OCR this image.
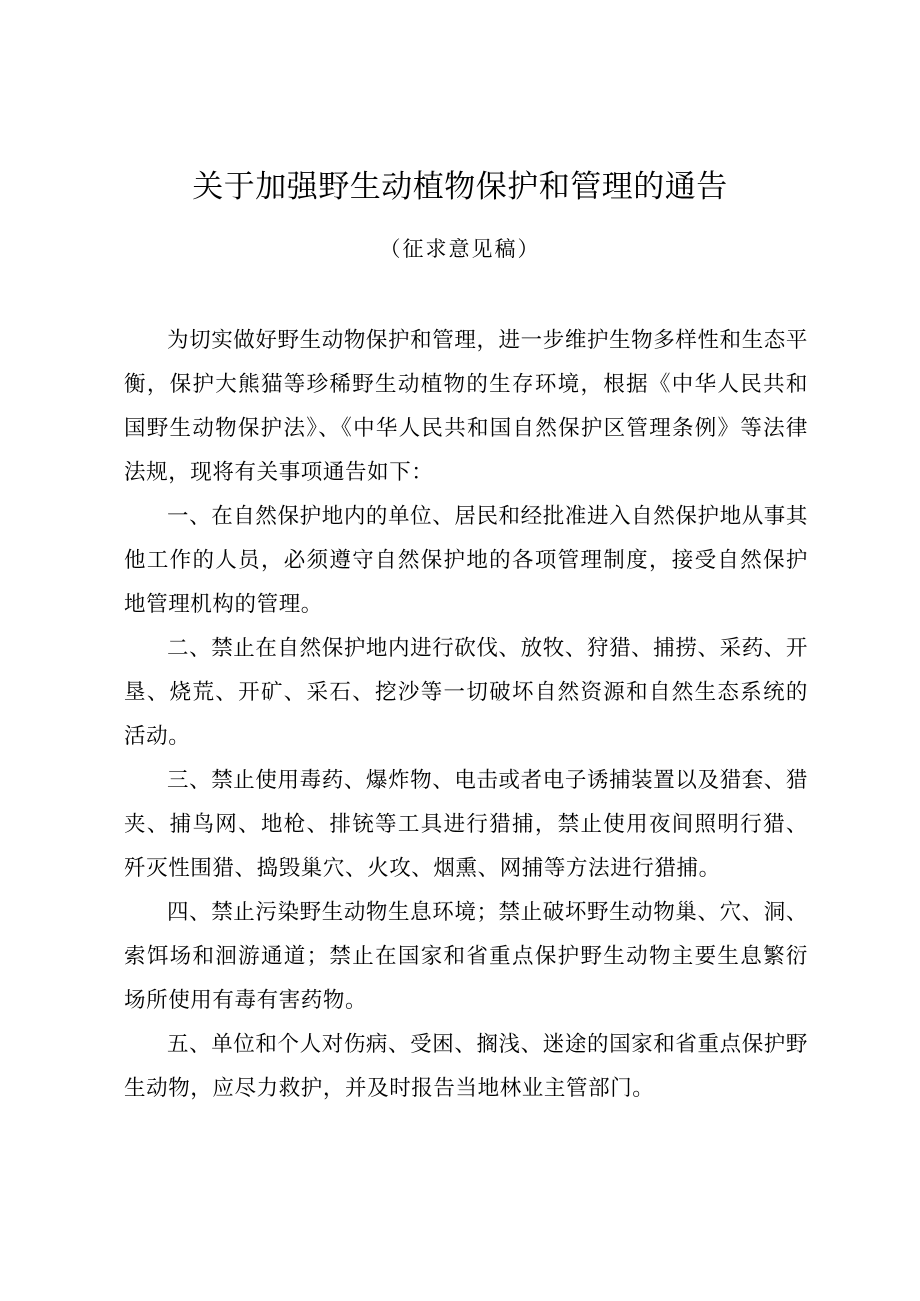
关于加强野生动植物保护和管理的通告
（征求意见稿）

为切实做好野生动物保护和管理，进一步维护生物多样性和生态平衡，保护大熊猫等珍稀野生动植物的生存环境，根据《中华人民共和国野生动物保护法》、《中华人民共和国自然保护区管理条例》等法律法规，现将有关事项通告如下：

一、在自然保护地内的单位、居民和经批准进入自然保护地从事其他工作的人员，必须遵守自然保护地的各项管理制度，接受自然保护地管理机构的管理。

二、禁止在自然保护地内进行砍伐、放牧、狩猎、捕捞、采药、开垦、烧荒、开矿、采石、挖沙等一切破坏自然资源和自然生态系统的活动。

三、禁止使用毒药、爆炸物、电击或者电子诱捕装置以及猎套、猎夹、捕鸟网、地枪、排铳等工具进行猎捕，禁止使用夜间照明行猎、歼灭性围猎、捣毁巢穴、火攻、烟熏、网捕等方法进行猎捕。

四、禁止污染野生动物生息环境；禁止破坏野生动物巢、穴、洞、索饵场和洄游通道；禁止在国家和省重点保护野生动物主要生息繁衍场所使用有毒有害药物。

五、单位和个人对伤病、受困、搁浅、迷途的国家和省重点保护野生动物，应尽力救护，并及时报告当地林业主管部门。
